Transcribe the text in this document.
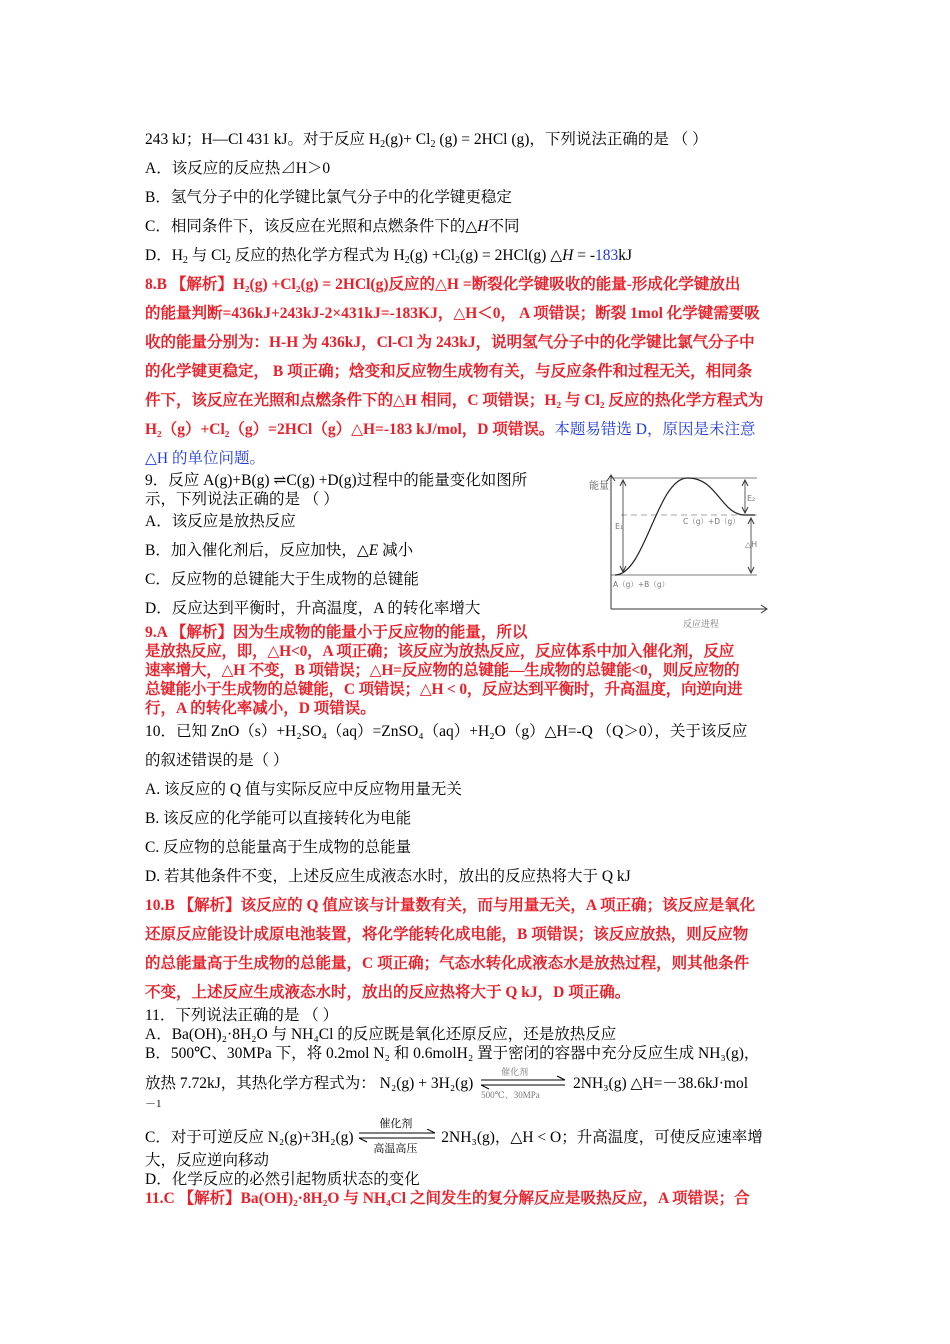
243 kJ；H—Cl 431 kJ。对于反应 $H_2(g)+ Cl_2$ (g) = 2HCl (g)，下列说法正确的是 （ ）
A．该反应的反应热⊿H＞0
B．氢气分子中的化学键比氯气分子中的化学键更稳定
C．相同条件下，该反应在光照和点燃条件下的△H不同
D．$H_2$ 与 $Cl_2$ 反应的热化学方程式为 $H_2(g) +Cl_2(g) = 2HCl(g)$ △H = -183kJ
8.B 【解析】H₂(g) +Cl₂(g) = 2HCl(g)反应的△H =断裂化学键吸收的能量-形成化学键放出
的能量判断=436kJ+243kJ-2×431kJ=-183KJ，△H＜0， A 项错误；断裂 1mol 化学键需要吸
收的能量分别为：H-H 为 436kJ，Cl-Cl 为 243kJ，说明氢气分子中的化学键比氯气分子中
的化学键更稳定， B 项正确；焓变和反应物生成物有关，与反应条件和过程无关，相同条
件下，该反应在光照和点燃条件下的△H 相同，C 项错误；H₂ 与 Cl₂ 反应的热化学方程式为
H₂（g）+Cl₂（g）=2HCl（g）△H=-183 kJ/mol，D 项错误。本题易错选 D，原因是未注意
△H 的单位问题。
9．反应 A(g)+B(g) ⇌C(g) +D(g)过程中的能量变化如图所
示，下列说法正确的是 （ ）
A．该反应是放热反应
B．加入催化剂后，反应加快，△E 减小
C．反应物的总键能大于生成物的总键能
D．反应达到平衡时，升高温度，A 的转化率增大
9.A 【解析】因为生成物的能量小于反应物的能量，所以
是放热反应，即，△H<0，A 项正确；该反应为放热反应，反应体系中加入催化剂，反应
速率增大，△H 不变，B 项错误；△H=反应物的总键能—生成物的总键能<0，则反应物的
总键能小于生成物的总键能，C 项错误；△H < 0，反应达到平衡时，升高温度，向逆向进
行，A 的转化率减小，D 项错误。
10．已知 ZnO（s）+H₂SO₄（aq）=ZnSO₄（aq）+H₂O（g）△H=-Q （Q＞0），关于该反应
的叙述错误的是（ ）
A. 该反应的 Q 值与实际反应中反应物用量无关
B. 该反应的化学能可以直接转化为电能
C. 反应物的总能量高于生成物的总能量
D. 若其他条件不变，上述反应生成液态水时，放出的反应热将大于 Q kJ
10.B 【解析】该反应的 Q 值应该与计量数有关，而与用量无关，A 项正确；该反应是氧化
还原反应能设计成原电池装置，将化学能转化成电能，B 项错误；该反应放热，则反应物
的总能量高于生成物的总能量，C 项正确；气态水转化成液态水是放热过程，则其他条件
不变，上述反应生成液态水时，放出的反应热将大于 Q kJ，D 项正确。
11．下列说法正确的是 （ ）
A．Ba(OH)₂·8H₂O 与 NH₄Cl 的反应既是氧化还原反应，还是放热反应
B．500℃、30MPa 下，将 0.2mol N₂ 和 0.6molH₂ 置于密闭的容器中充分反应生成 NH₃(g)，
放热 7.72kJ，其热化学方程式为： N₂(g) + 3H₂(g)
催化剂
500℃、30MPa
2NH₃(g) △H=－38.6kJ·mol
－1
C．对于可逆反应 N₂(g)+3H₂(g)
催化剂
高温高压
2NH₃(g)，△H < O；升高温度，可使反应速率增
大，反应逆向移动
D．化学反应的必然引起物质状态的变化
11.C 【解析】Ba(OH)₂·8H₂O 与 NH₄Cl 之间发生的复分解反应是吸热反应，A 项错误；合
能量
反应进程
E₁
E₂
△H
A（g）+B（g）
C（g）+D（g）
